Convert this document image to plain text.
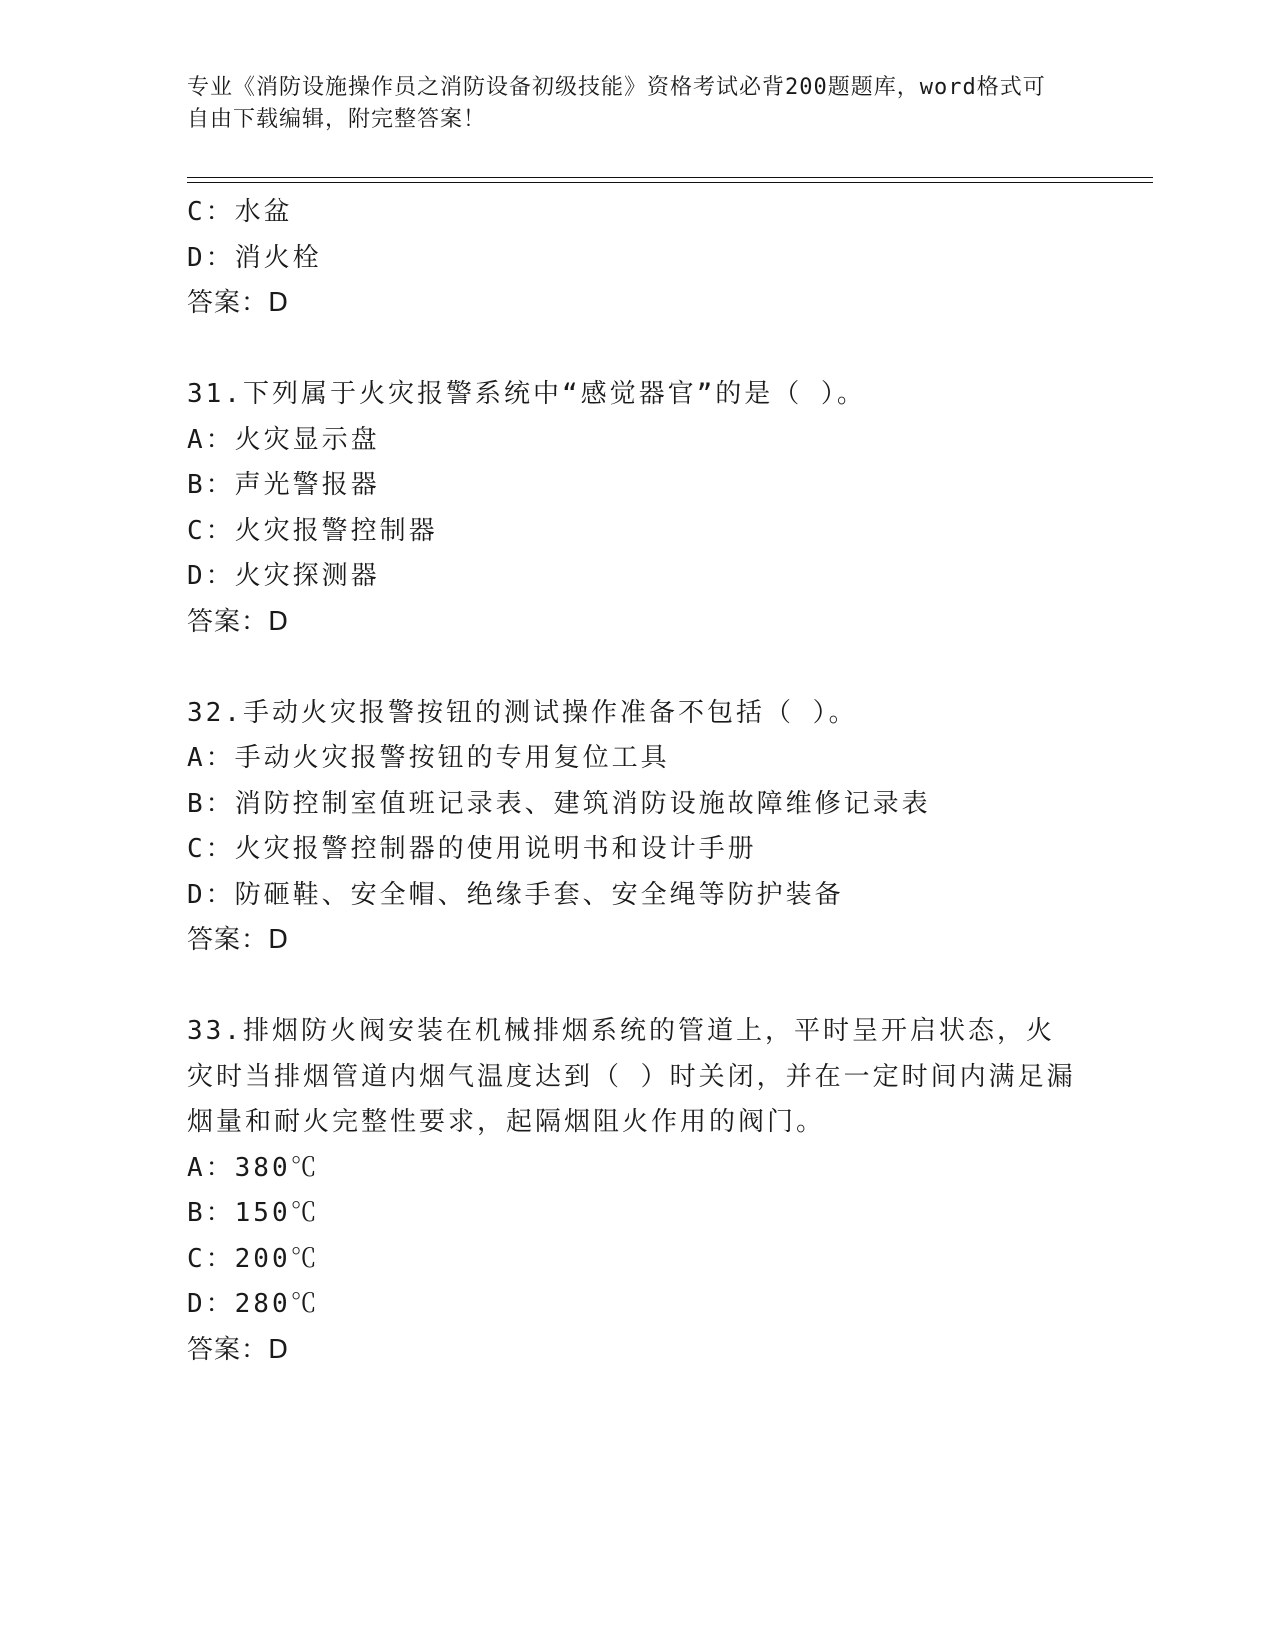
专业《消防设施操作员之消防设备初级技能》资格考试必背200题题库，word格式可自由下载编辑，附完整答案！
C：水盆
D：消火栓
答案：D
31.下列属于火灾报警系统中“感觉器官”的是（ ）。
A：火灾显示盘
B：声光警报器
C：火灾报警控制器
D：火灾探测器
答案：D
32.手动火灾报警按钮的测试操作准备不包括（ ）。
A：手动火灾报警按钮的专用复位工具
B：消防控制室值班记录表、建筑消防设施故障维修记录表
C：火灾报警控制器的使用说明书和设计手册
D：防砸鞋、安全帽、绝缘手套、安全绳等防护装备
答案：D
33.排烟防火阀安装在机械排烟系统的管道上，平时呈开启状态，火灾时当排烟管道内烟气温度达到（ ）时关闭，并在一定时间内满足漏烟量和耐火完整性要求，起隔烟阻火作用的阀门。
A：380℃
B：150℃
C：200℃
D：280℃
答案：D
